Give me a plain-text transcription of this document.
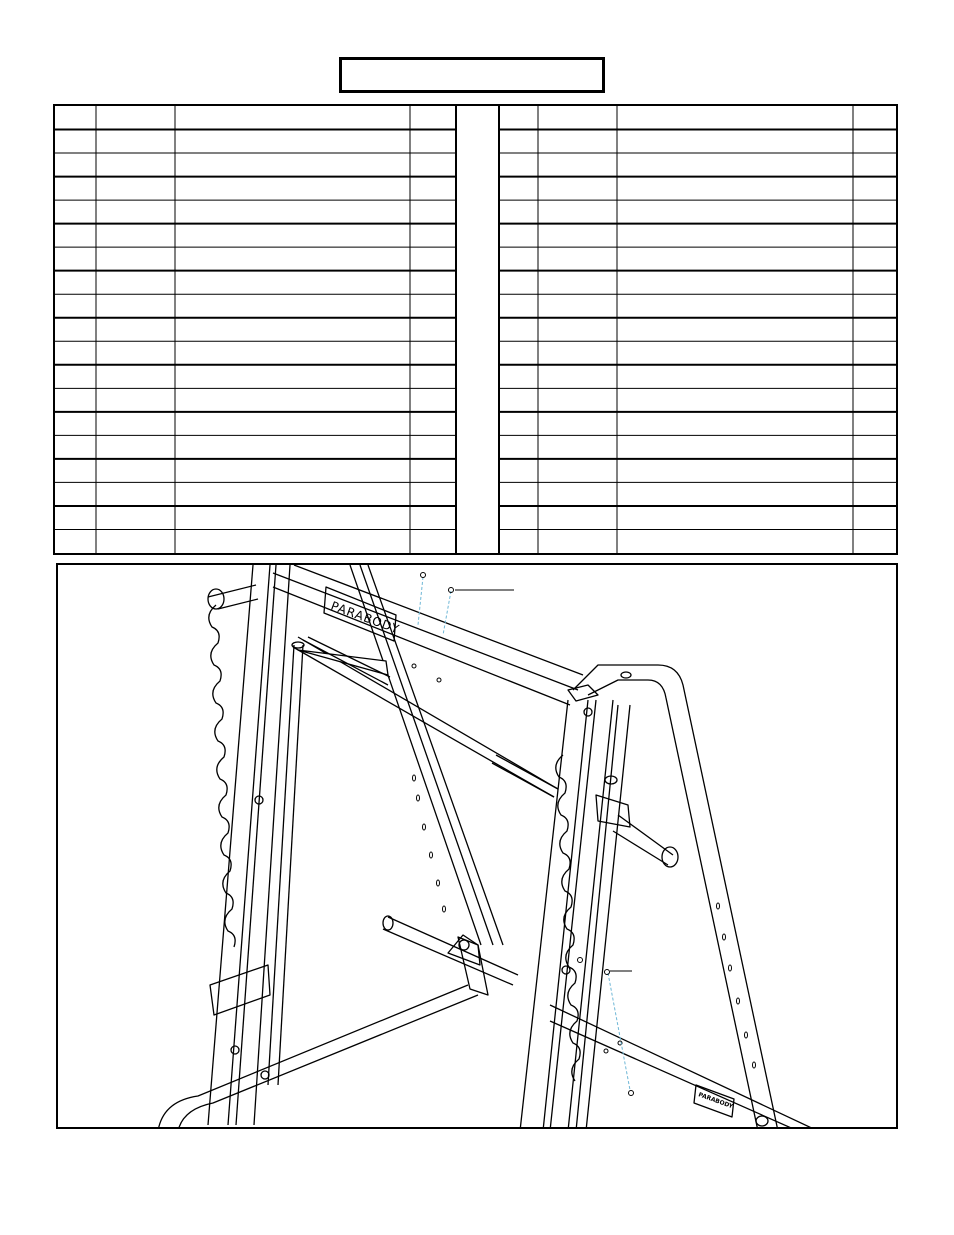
PARABODY
PARABODY
